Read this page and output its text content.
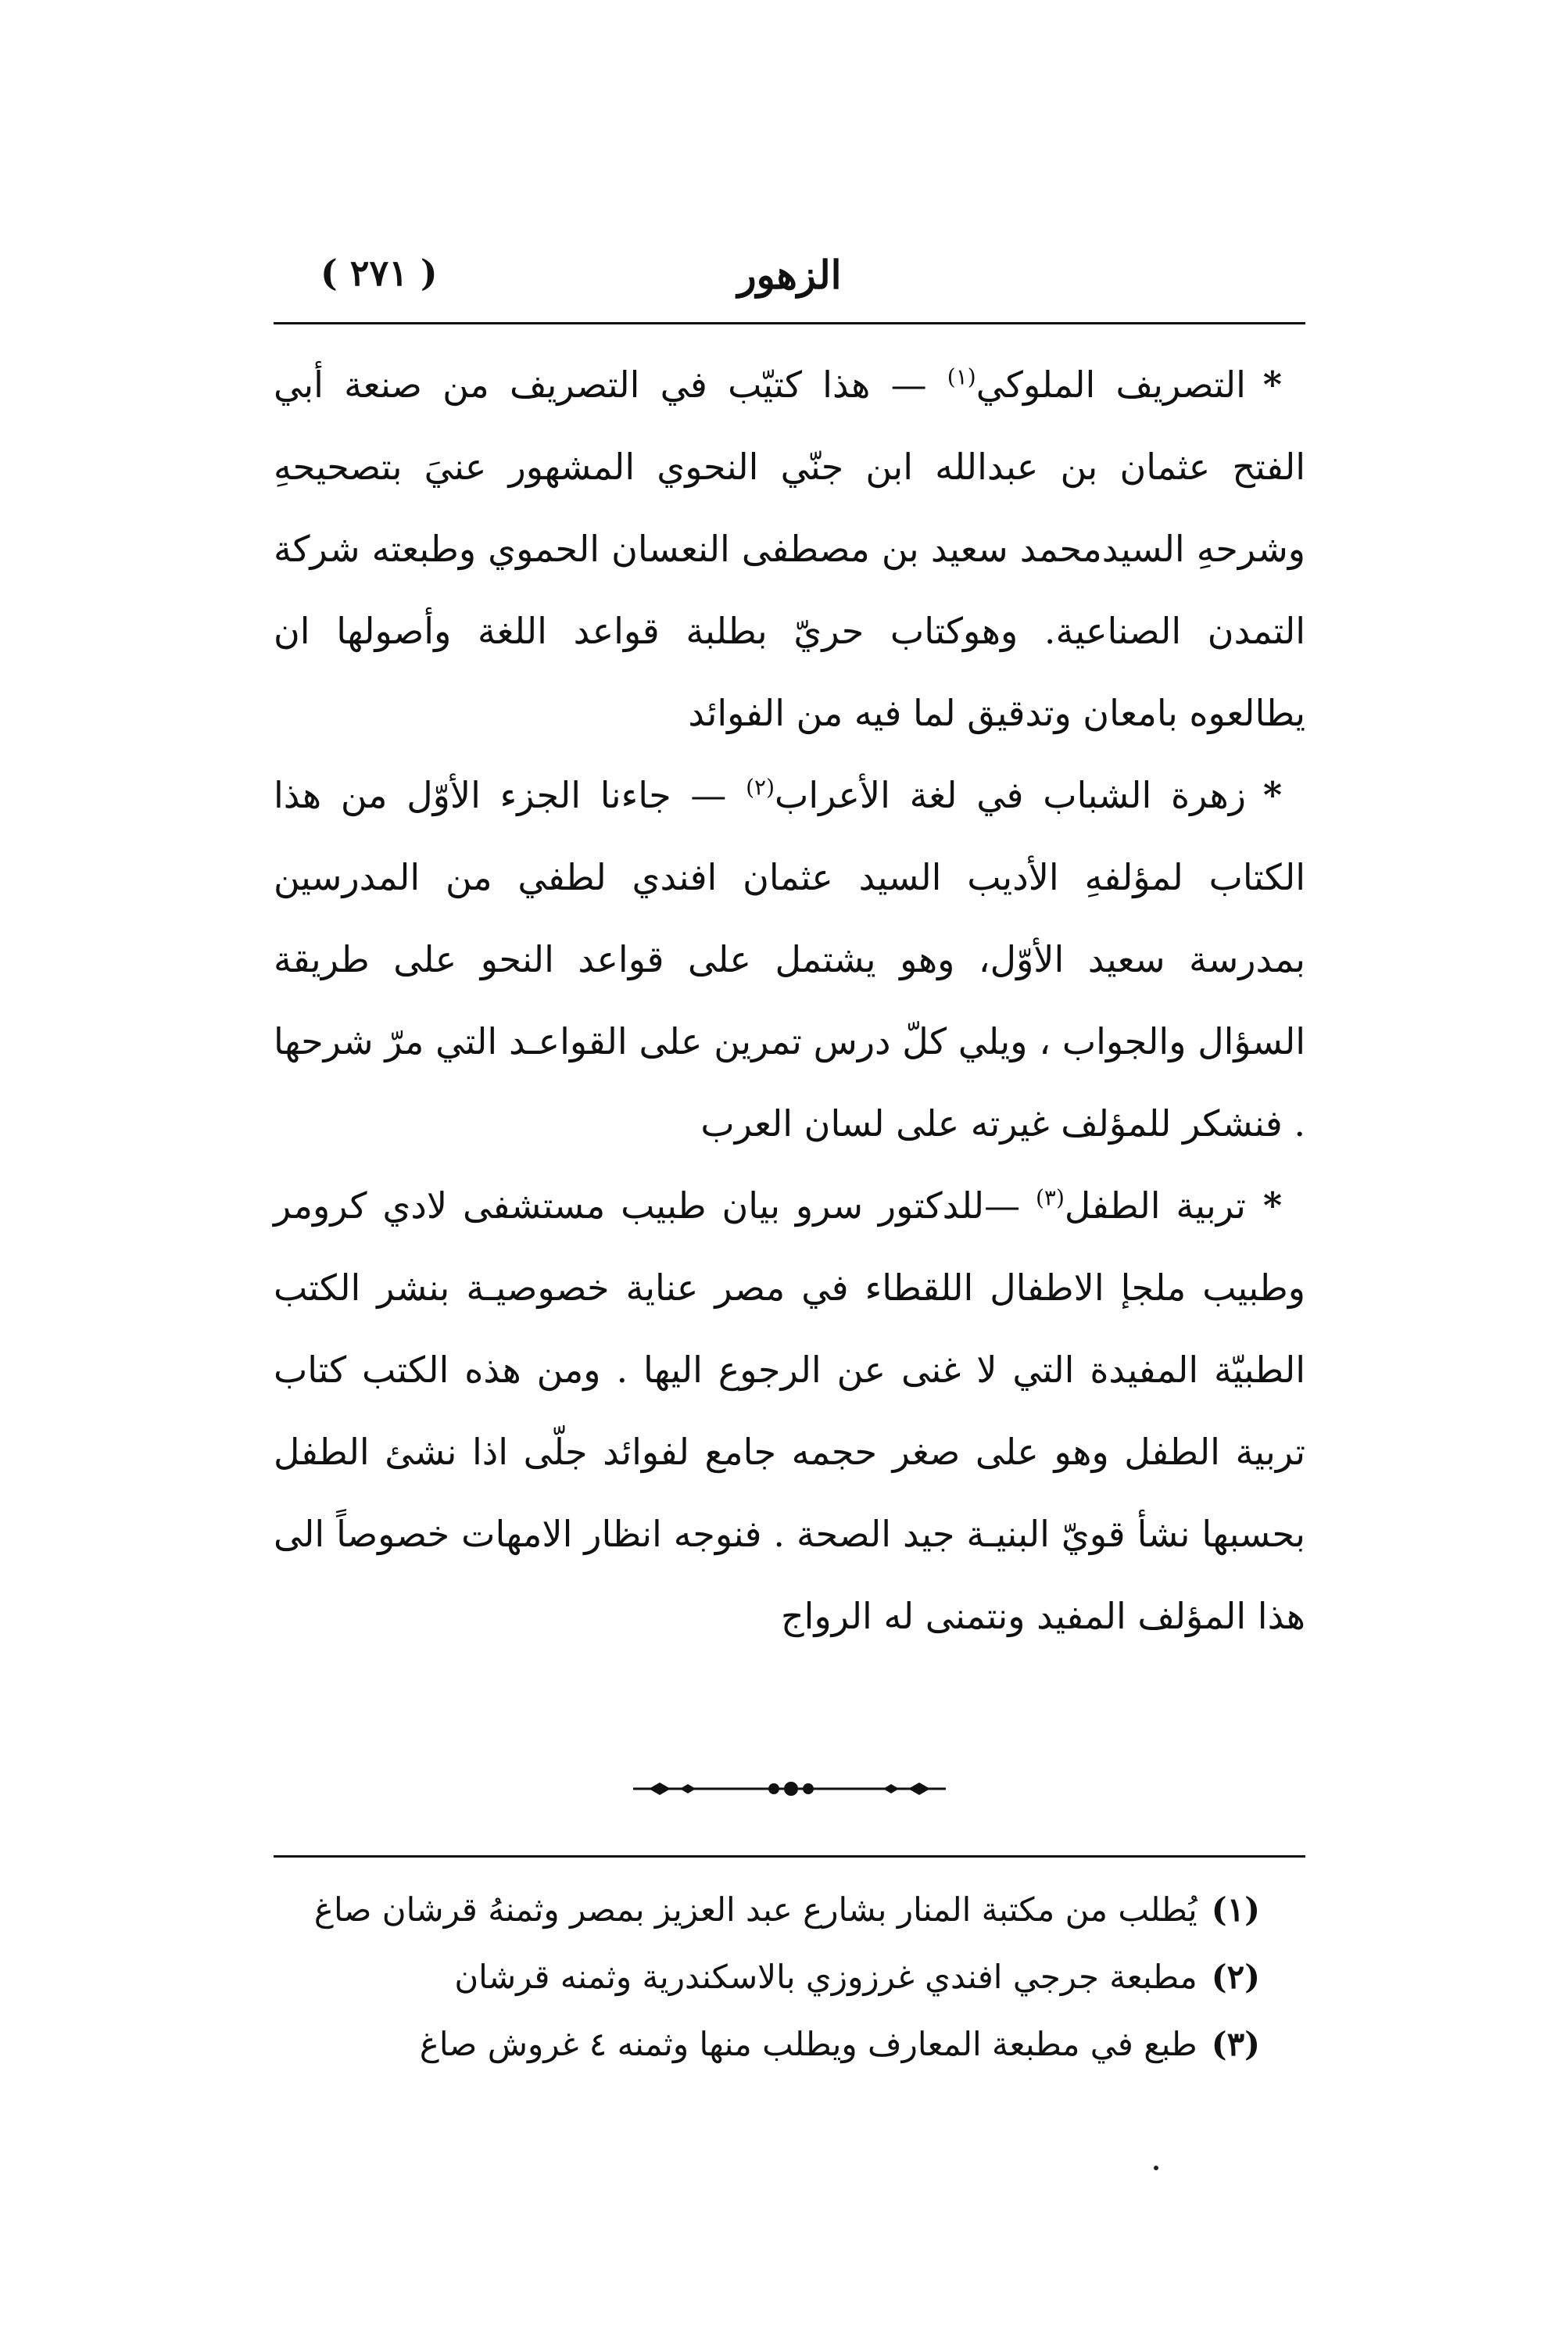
الزهور
( ٢٧١ )

*التصريف الملوكي$^{(١)}$ — هذا كتيّب في التصريف من صنعة أبي الفتح عثمان بن عبدالله ابن جنّي النحوي المشهور عنيَ بتصحيحهِ وشرحهِ السيدمحمد سعيد بن مصطفى النعسان الحموي وطبعته شركة التمدن الصناعية. وهوكتاب حريّ بطلبة قواعد اللغة وأصولها ان يطالعوه بامعان وتدقيق لما فيه من الفوائد

*زهرة الشباب في لغة الأعراب$^{(٢)}$ — جاءنا الجزء الأوّل من هذا الكتاب لمؤلفهِ الأديب السيد عثمان افندي لطفي من المدرسين بمدرسة سعيد الأوّل، وهو يشتمل على قواعد النحو على طريقة السؤال والجواب ، ويلي كلّ درس تمرين على القواعـد التي مرّ شرحها . فنشكر للمؤلف غيرته على لسان العرب

*تربية الطفل$^{(٣)}$ —للدكتور سرو بيان طبيب مستشفى لادي كرومر وطبيب ملجإ الاطفال اللقطاء في مصر عناية خصوصيـة بنشر الكتب الطبيّة المفيدة التي لا غنى عن الرجوع اليها . ومن هذه الكتب كتاب تربية الطفل وهو على صغر حجمه جامع لفوائد جلّى اذا نشئ الطفل بحسبها نشأ قويّ البنيـة جيد الصحة . فنوجه انظار الامهات خصوصاً الى هذا المؤلف المفيد ونتمنى له الرواج

(١)يُطلب من مكتبة المنار بشارع عبد العزيز بمصر وثمنهُ قرشان صاغ
(٢)مطبعة جرجي افندي غرزوزي بالاسكندرية وثمنه قرشان
(٣)طبع في مطبعة المعارف ويطلب منها وثمنه ٤ غروش صاغ
